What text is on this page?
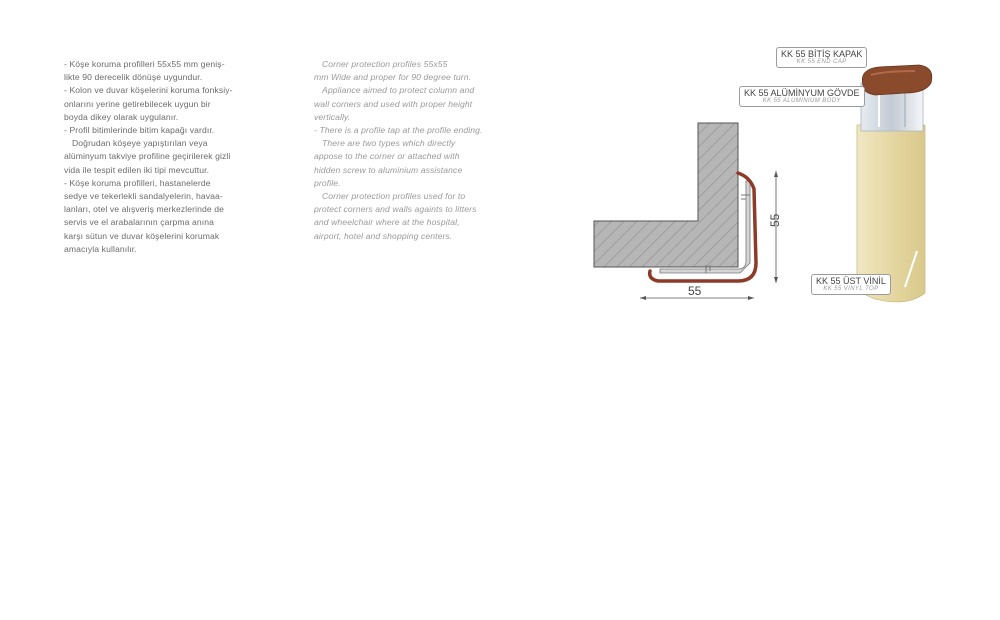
- Köşe koruma profilleri 55x55 mm geniş-

likte 90 derecelik dönüşe uygundur.

- Kolon ve duvar köşelerini koruma fonksiy-

onlarını yerine getirebilecek uygun bir

boyda dikey olarak uygulanır.

- Profil bitimlerinde bitim kapağı vardır.

Doğrudan köşeye yapıştırılan veya

alüminyum takviye profiline geçirilerek gizli

vida ile tespit edilen iki tipi mevcuttur.

- Köşe koruma profilleri, hastanelerde

sedye ve tekerlekli sandalyelerin, havaa-

lanları, otel ve alışveriş merkezlerinde de

servis ve el arabalarının çarpma anına

karşı sütun ve duvar köşelerini korumak

amacıyla kullanılır.

Corner protection profiles 55x55

mm Wide and proper for 90 degree turn.

Appliance aimed to protect column and

wall corners and used with proper height

vertically.

- There is a profile tap at the profile ending.

There are two types which directly

appose to the corner or attached with

hidden screw to aluminium assistance

profile.

Corner protection profiles used for to

protect corners and walls againts to litters

and wheelchair where at the hospital,

airport, hotel and shopping centers.

55
55
KK 55 BİTİŞ KAPAK
KK 55 END CAP
KK 55 ALÜMİNYUM GÖVDE
KK 55 ALUMINIUM BODY
KK 55 ÜST VİNİL
KK 55 VINYL TOP
